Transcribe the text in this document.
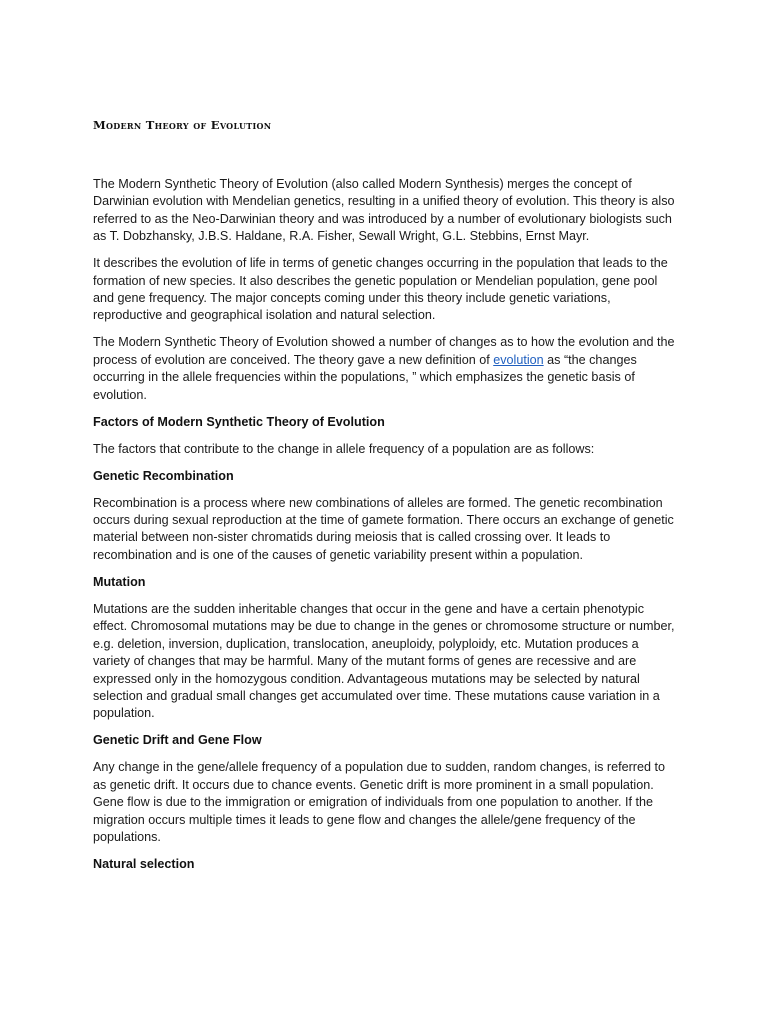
Modern Theory of Evolution

The Modern Synthetic Theory of Evolution (also called Modern Synthesis) merges the concept of Darwinian evolution with Mendelian genetics, resulting in a unified theory of evolution. This theory is also referred to as the Neo-Darwinian theory and was introduced by a number of evolutionary biologists such as T. Dobzhansky, J.B.S. Haldane, R.A. Fisher, Sewall Wright, G.L. Stebbins, Ernst Mayr.

It describes the evolution of life in terms of genetic changes occurring in the population that leads to the formation of new species. It also describes the genetic population or Mendelian population, gene pool and gene frequency. The major concepts coming under this theory include genetic variations, reproductive and geographical isolation and natural selection.

The Modern Synthetic Theory of Evolution showed a number of changes as to how the evolution and the process of evolution are conceived. The theory gave a new definition of evolution as “the changes occurring in the allele frequencies within the populations, ” which emphasizes the genetic basis of evolution.

Factors of Modern Synthetic Theory of Evolution

The factors that contribute to the change in allele frequency of a population are as follows:

Genetic Recombination

Recombination is a process where new combinations of alleles are formed. The genetic recombination occurs during sexual reproduction at the time of gamete formation. There occurs an exchange of genetic material between non-sister chromatids during meiosis that is called crossing over. It leads to recombination and is one of the causes of genetic variability present within a population.

Mutation

Mutations are the sudden inheritable changes that occur in the gene and have a certain phenotypic effect. Chromosomal mutations may be due to change in the genes or chromosome structure or number, e.g. deletion, inversion, duplication, translocation, aneuploidy, polyploidy, etc. Mutation produces a variety of changes that may be harmful. Many of the mutant forms of genes are recessive and are expressed only in the homozygous condition. Advantageous mutations may be selected by natural selection and gradual small changes get accumulated over time. These mutations cause variation in a population.

Genetic Drift and Gene Flow

Any change in the gene/allele frequency of a population due to sudden, random changes, is referred to as genetic drift. It occurs due to chance events. Genetic drift is more prominent in a small population. Gene flow is due to the immigration or emigration of individuals from one population to another. If the migration occurs multiple times it leads to gene flow and changes the allele/gene frequency of the populations.

Natural selection
